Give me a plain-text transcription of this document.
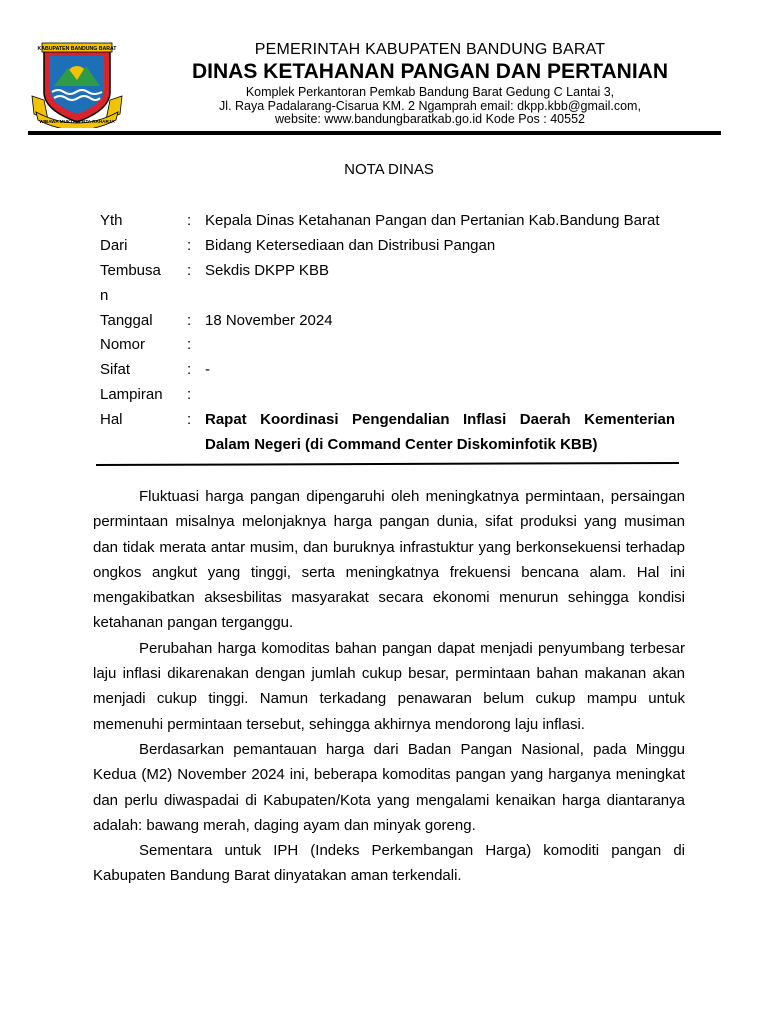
KABUPATEN BANDUNG BARAT
WIBAWA MUKTI KERTA RAHARJA
PEMERINTAH KABUPATEN BANDUNG BARAT
DINAS KETAHANAN PANGAN DAN PERTANIAN
Komplek Perkantoran Pemkab Bandung Barat Gedung C Lantai 3,
Jl. Raya Padalarang-Cisarua KM. 2 Ngamprah email: dkpp.kbb@gmail.com,
website: www.bandungbaratkab.go.id Kode Pos : 40552
NOTA DINAS
Yth	: Kepala Dinas Ketahanan Pangan dan Pertanian Kab.Bandung Barat
Dari	: Bidang Ketersediaan dan Distribusi Pangan
Tembusa	: Sekdis DKPP KBB
n
Tanggal	: 18 November 2024
Nomor	:
Sifat	: -
Lampiran	:
Hal	: Rapat Koordinasi Pengendalian Inflasi Daerah Kementerian Dalam Negeri (di Command Center Diskominfotik KBB)

Fluktuasi harga pangan dipengaruhi oleh meningkatnya permintaan, persaingan permintaan misalnya melonjaknya harga pangan dunia, sifat produksi yang musiman dan tidak merata antar musim, dan buruknya infrastuktur yang berkonsekuensi terhadap ongkos angkut yang tinggi, serta meningkatnya frekuensi bencana alam. Hal ini mengakibatkan aksesbilitas masyarakat secara ekonomi menurun sehingga kondisi ketahanan pangan terganggu.

Perubahan harga komoditas bahan pangan dapat menjadi penyumbang terbesar laju inflasi dikarenakan dengan jumlah cukup besar, permintaan bahan makanan akan menjadi cukup tinggi. Namun terkadang penawaran belum cukup mampu untuk memenuhi permintaan tersebut, sehingga akhirnya mendorong laju inflasi.

Berdasarkan pemantauan harga dari Badan Pangan Nasional, pada Minggu Kedua (M2) November 2024 ini, beberapa komoditas pangan yang harganya meningkat dan perlu diwaspadai di Kabupaten/Kota yang mengalami kenaikan harga diantaranya adalah: bawang merah, daging ayam dan minyak goreng.

Sementara untuk IPH (Indeks Perkembangan Harga) komoditi pangan di Kabupaten Bandung Barat dinyatakan aman terkendali.
